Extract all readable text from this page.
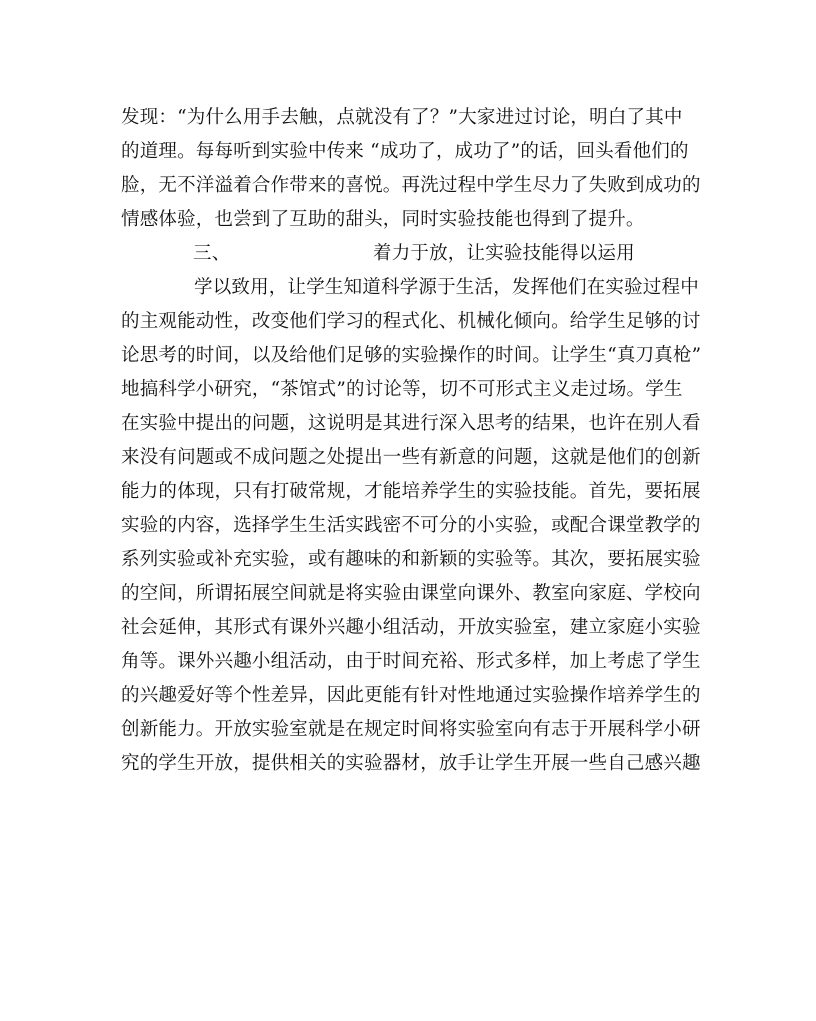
发现：“为什么用手去触，点就没有了？”大家进过讨论，明白了其中
的道理。每每听到实验中传来 “成功了，成功了”的话，回头看他们的
脸，无不洋溢着合作带来的喜悦。再洗过程中学生尽力了失败到成功的
情感体验，也尝到了互助的甜头，同时实验技能也得到了提升。
三、	着力于放，让实验技能得以运用
学以致用，让学生知道科学源于生活，发挥他们在实验过程中
的主观能动性，改变他们学习的程式化、机械化倾向。给学生足够的讨
论思考的时间，以及给他们足够的实验操作的时间。让学生“真刀真枪”
地搞科学小研究，“茶馆式”的讨论等，切不可形式主义走过场。学生
在实验中提出的问题，这说明是其进行深入思考的结果，也许在别人看
来没有问题或不成问题之处提出一些有新意的问题，这就是他们的创新
能力的体现，只有打破常规，才能培养学生的实验技能。首先，要拓展
实验的内容，选择学生生活实践密不可分的小实验，或配合课堂教学的
系列实验或补充实验，或有趣味的和新颖的实验等。其次，要拓展实验
的空间，所谓拓展空间就是将实验由课堂向课外、教室向家庭、学校向
社会延伸，其形式有课外兴趣小组活动，开放实验室，建立家庭小实验
角等。课外兴趣小组活动，由于时间充裕、形式多样，加上考虑了学生
的兴趣爱好等个性差异，因此更能有针对性地通过实验操作培养学生的
创新能力。开放实验室就是在规定时间将实验室向有志于开展科学小研
究的学生开放，提供相关的实验器材，放手让学生开展一些自己感兴趣
